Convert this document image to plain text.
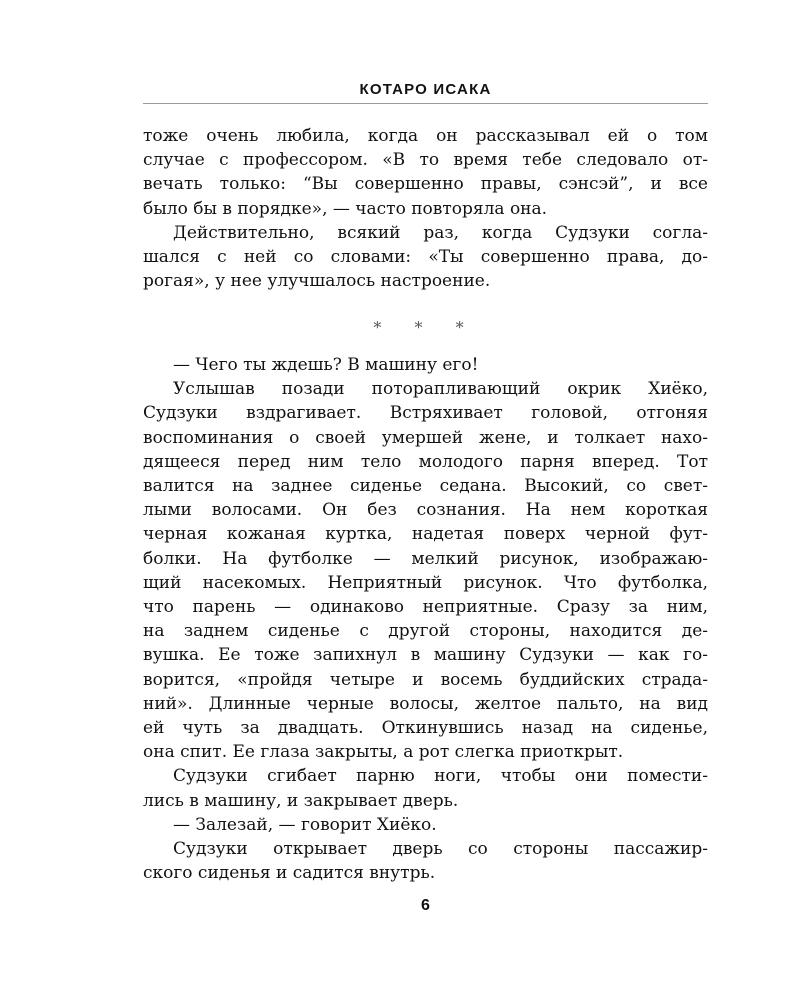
КОТАРО ИСАКА

тоже очень любила, когда он рассказывал ей о том

случае с профессором. «В то время тебе следовало от-

вечать только: “Вы совершенно правы, сэнсэй”, и все

было бы в порядке», — часто повторяла она.

Действительно, всякий раз, когда Судзуки согла-

шался с ней со словами: «Ты совершенно права, до-

рогая», у нее улучшалось настроение.

* * *

— Чего ты ждешь? В машину его!

Услышав позади поторапливающий окрик Хиёко,

Судзуки вздрагивает. Встряхивает головой, отгоняя

воспоминания о своей умершей жене, и толкает нахо-

дящееся перед ним тело молодого парня вперед. Тот

валится на заднее сиденье седана. Высокий, со свет-

лыми волосами. Он без сознания. На нем короткая

черная кожаная куртка, надетая поверх черной фут-

болки. На футболке — мелкий рисунок, изображаю-

щий насекомых. Неприятный рисунок. Что футболка,

что парень — одинаково неприятные. Сразу за ним,

на заднем сиденье с другой стороны, находится де-

вушка. Ее тоже запихнул в машину Судзуки — как го-

ворится, «пройдя четыре и восемь буддийских страда-

ний». Длинные черные волосы, желтое пальто, на вид

ей чуть за двадцать. Откинувшись назад на сиденье,

она спит. Ее глаза закрыты, а рот слегка приоткрыт.

Судзуки сгибает парню ноги, чтобы они помести-

лись в машину, и закрывает дверь.

— Залезай, — говорит Хиёко.

Судзуки открывает дверь со стороны пассажир-

ского сиденья и садится внутрь.

6
